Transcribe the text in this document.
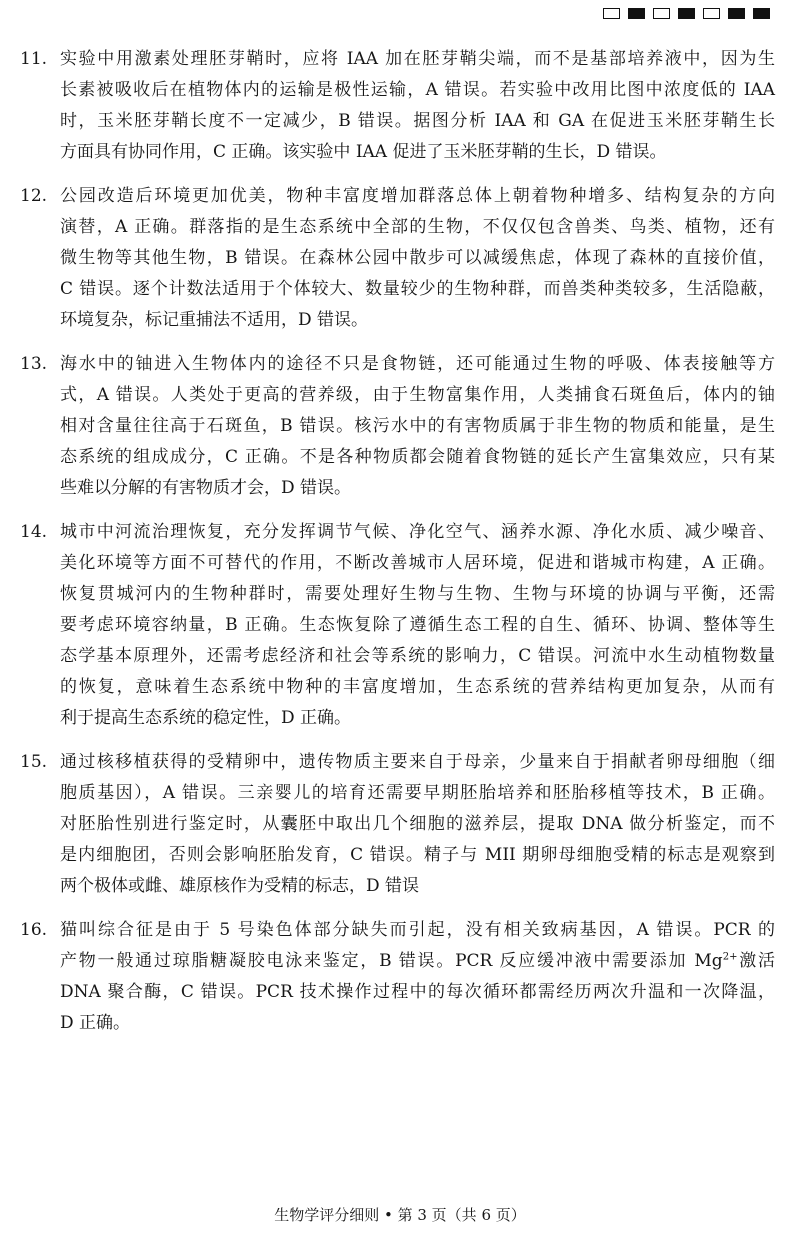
11. 实验中用激素处理胚芽鞘时，应将 IAA 加在胚芽鞘尖端，而不是基部培养液中，因为生
长素被吸收后在植物体内的运输是极性运输，A 错误。若实验中改用比图中浓度低的 IAA
时，玉米胚芽鞘长度不一定减少，B 错误。据图分析 IAA 和 GA 在促进玉米胚芽鞘生长
方面具有协同作用，C 正确。该实验中 IAA 促进了玉米胚芽鞘的生长，D 错误。
12. 公园改造后环境更加优美，物种丰富度增加群落总体上朝着物种增多、结构复杂的方向
演替，A 正确。群落指的是生态系统中全部的生物，不仅仅包含兽类、鸟类、植物，还有
微生物等其他生物，B 错误。在森林公园中散步可以减缓焦虑，体现了森林的直接价值，
C 错误。逐个计数法适用于个体较大、数量较少的生物种群，而兽类种类较多，生活隐蔽，
环境复杂，标记重捕法不适用，D 错误。
13. 海水中的铀进入生物体内的途径不只是食物链，还可能通过生物的呼吸、体表接触等方
式，A 错误。人类处于更高的营养级，由于生物富集作用，人类捕食石斑鱼后，体内的铀
相对含量往往高于石斑鱼，B 错误。核污水中的有害物质属于非生物的物质和能量，是生
态系统的组成成分，C 正确。不是各种物质都会随着食物链的延长产生富集效应，只有某
些难以分解的有害物质才会，D 错误。
14. 城市中河流治理恢复，充分发挥调节气候、净化空气、涵养水源、净化水质、减少噪音、
美化环境等方面不可替代的作用，不断改善城市人居环境，促进和谐城市构建，A 正确。
恢复贯城河内的生物种群时，需要处理好生物与生物、生物与环境的协调与平衡，还需
要考虑环境容纳量，B 正确。生态恢复除了遵循生态工程的自生、循环、协调、整体等生
态学基本原理外，还需考虑经济和社会等系统的影响力，C 错误。河流中水生动植物数量
的恢复，意味着生态系统中物种的丰富度增加，生态系统的营养结构更加复杂，从而有
利于提高生态系统的稳定性，D 正确。
15. 通过核移植获得的受精卵中，遗传物质主要来自于母亲，少量来自于捐献者卵母细胞（细
胞质基因），A 错误。三亲婴儿的培育还需要早期胚胎培养和胚胎移植等技术，B 正确。
对胚胎性别进行鉴定时，从囊胚中取出几个细胞的滋养层，提取 DNA 做分析鉴定，而不
是内细胞团，否则会影响胚胎发育，C 错误。精子与 MII 期卵母细胞受精的标志是观察到
两个极体或雌、雄原核作为受精的标志，D 错误
16. 猫叫综合征是由于 5 号染色体部分缺失而引起，没有相关致病基因，A 错误。PCR 的
产物一般通过琼脂糖凝胶电泳来鉴定，B 错误。PCR 反应缓冲液中需要添加 $Mg^{2+}$激活
DNA 聚合酶，C 错误。PCR 技术操作过程中的每次循环都需经历两次升温和一次降温，
D 正确。
生物学评分细则 • 第 3 页（共 6 页）
